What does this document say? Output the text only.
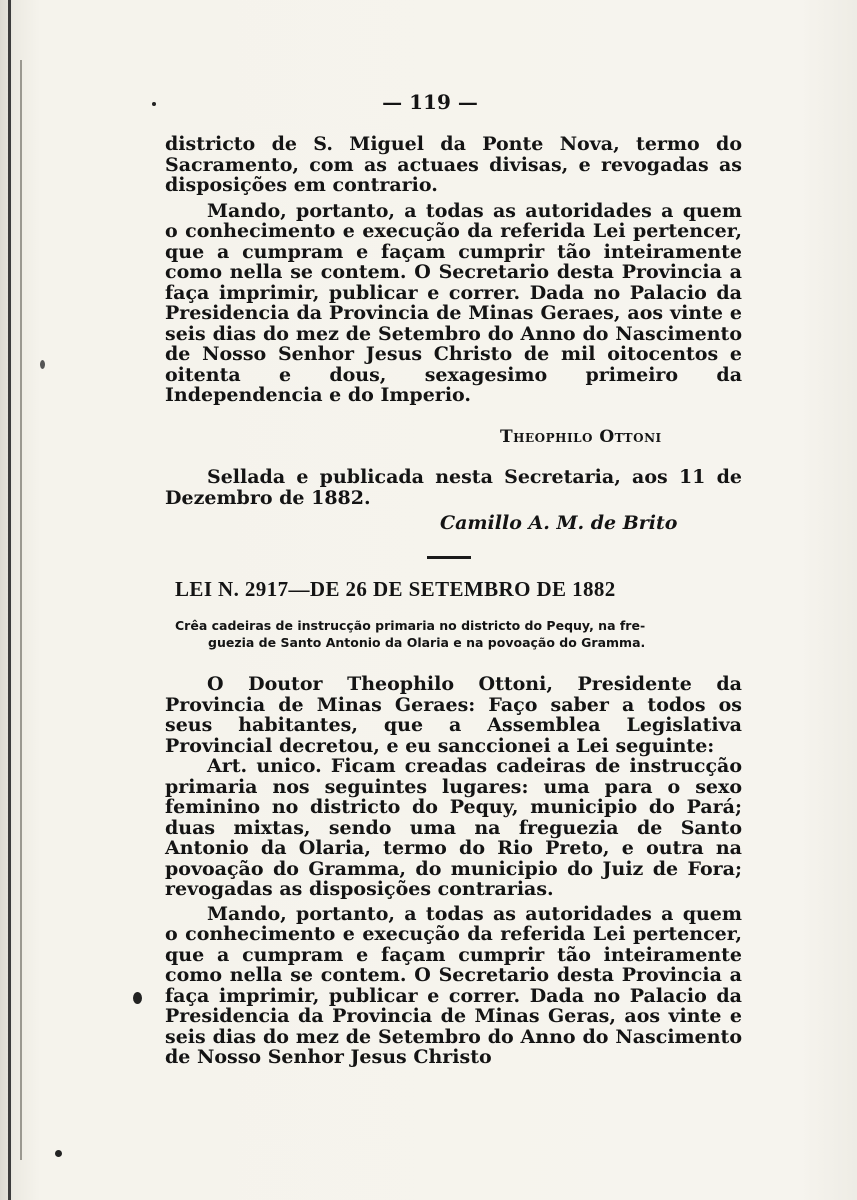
— 119 —

districto de S. Miguel da Ponte Nova, termo do Sacramento, com as actuaes divisas, e revogadas as disposições em contrario.

Mando, portanto, a todas as autoridades a quem o conhecimento e execução da referida Lei pertencer, que a cumpram e façam cumprir tão inteiramente como nella se contem. O Secretario desta Provincia a faça imprimir, publicar e correr. Dada no Palacio da Presidencia da Provincia de Minas Geraes, aos vinte e seis dias do mez de Setembro do Anno do Nascimento de Nosso Senhor Jesus Christo de mil oitocentos e oitenta e dous, sexagesimo primeiro da Independencia e do Imperio.

Theophilo Ottoni

Sellada e publicada nesta Secretaria, aos 11 de Dezembro de 1882.

Camillo A. M. de Brito
LEI N. 2917—DE 26 DE SETEMBRO DE 1882
Crêa cadeiras de instrucção primaria no districto do Pequy, na fre-
guezia de Santo Antonio da Olaria e na povoação do Gramma.

O Doutor Theophilo Ottoni, Presidente da Provincia de Minas Geraes: Faço saber a todos os seus habitantes, que a Assemblea Legislativa Provincial decretou, e eu sanccionei a Lei seguinte:

Art. unico. Ficam creadas cadeiras de instrucção primaria nos seguintes lugares: uma para o sexo feminino no districto do Pequy, municipio do Pará; duas mixtas, sendo uma na freguezia de Santo Antonio da Olaria, termo do Rio Preto, e outra na povoação do Gramma, do municipio do Juiz de Fora; revogadas as disposições contrarias.

Mando, portanto, a todas as autoridades a quem o conhecimento e execução da referida Lei pertencer, que a cumpram e façam cumprir tão inteiramente como nella se contem. O Secretario desta Provincia a faça imprimir, publicar e correr. Dada no Palacio da Presidencia da Provincia de Minas Geras, aos vinte e seis dias do mez de Setembro do Anno do Nascimento de Nosso Senhor Jesus Christo
